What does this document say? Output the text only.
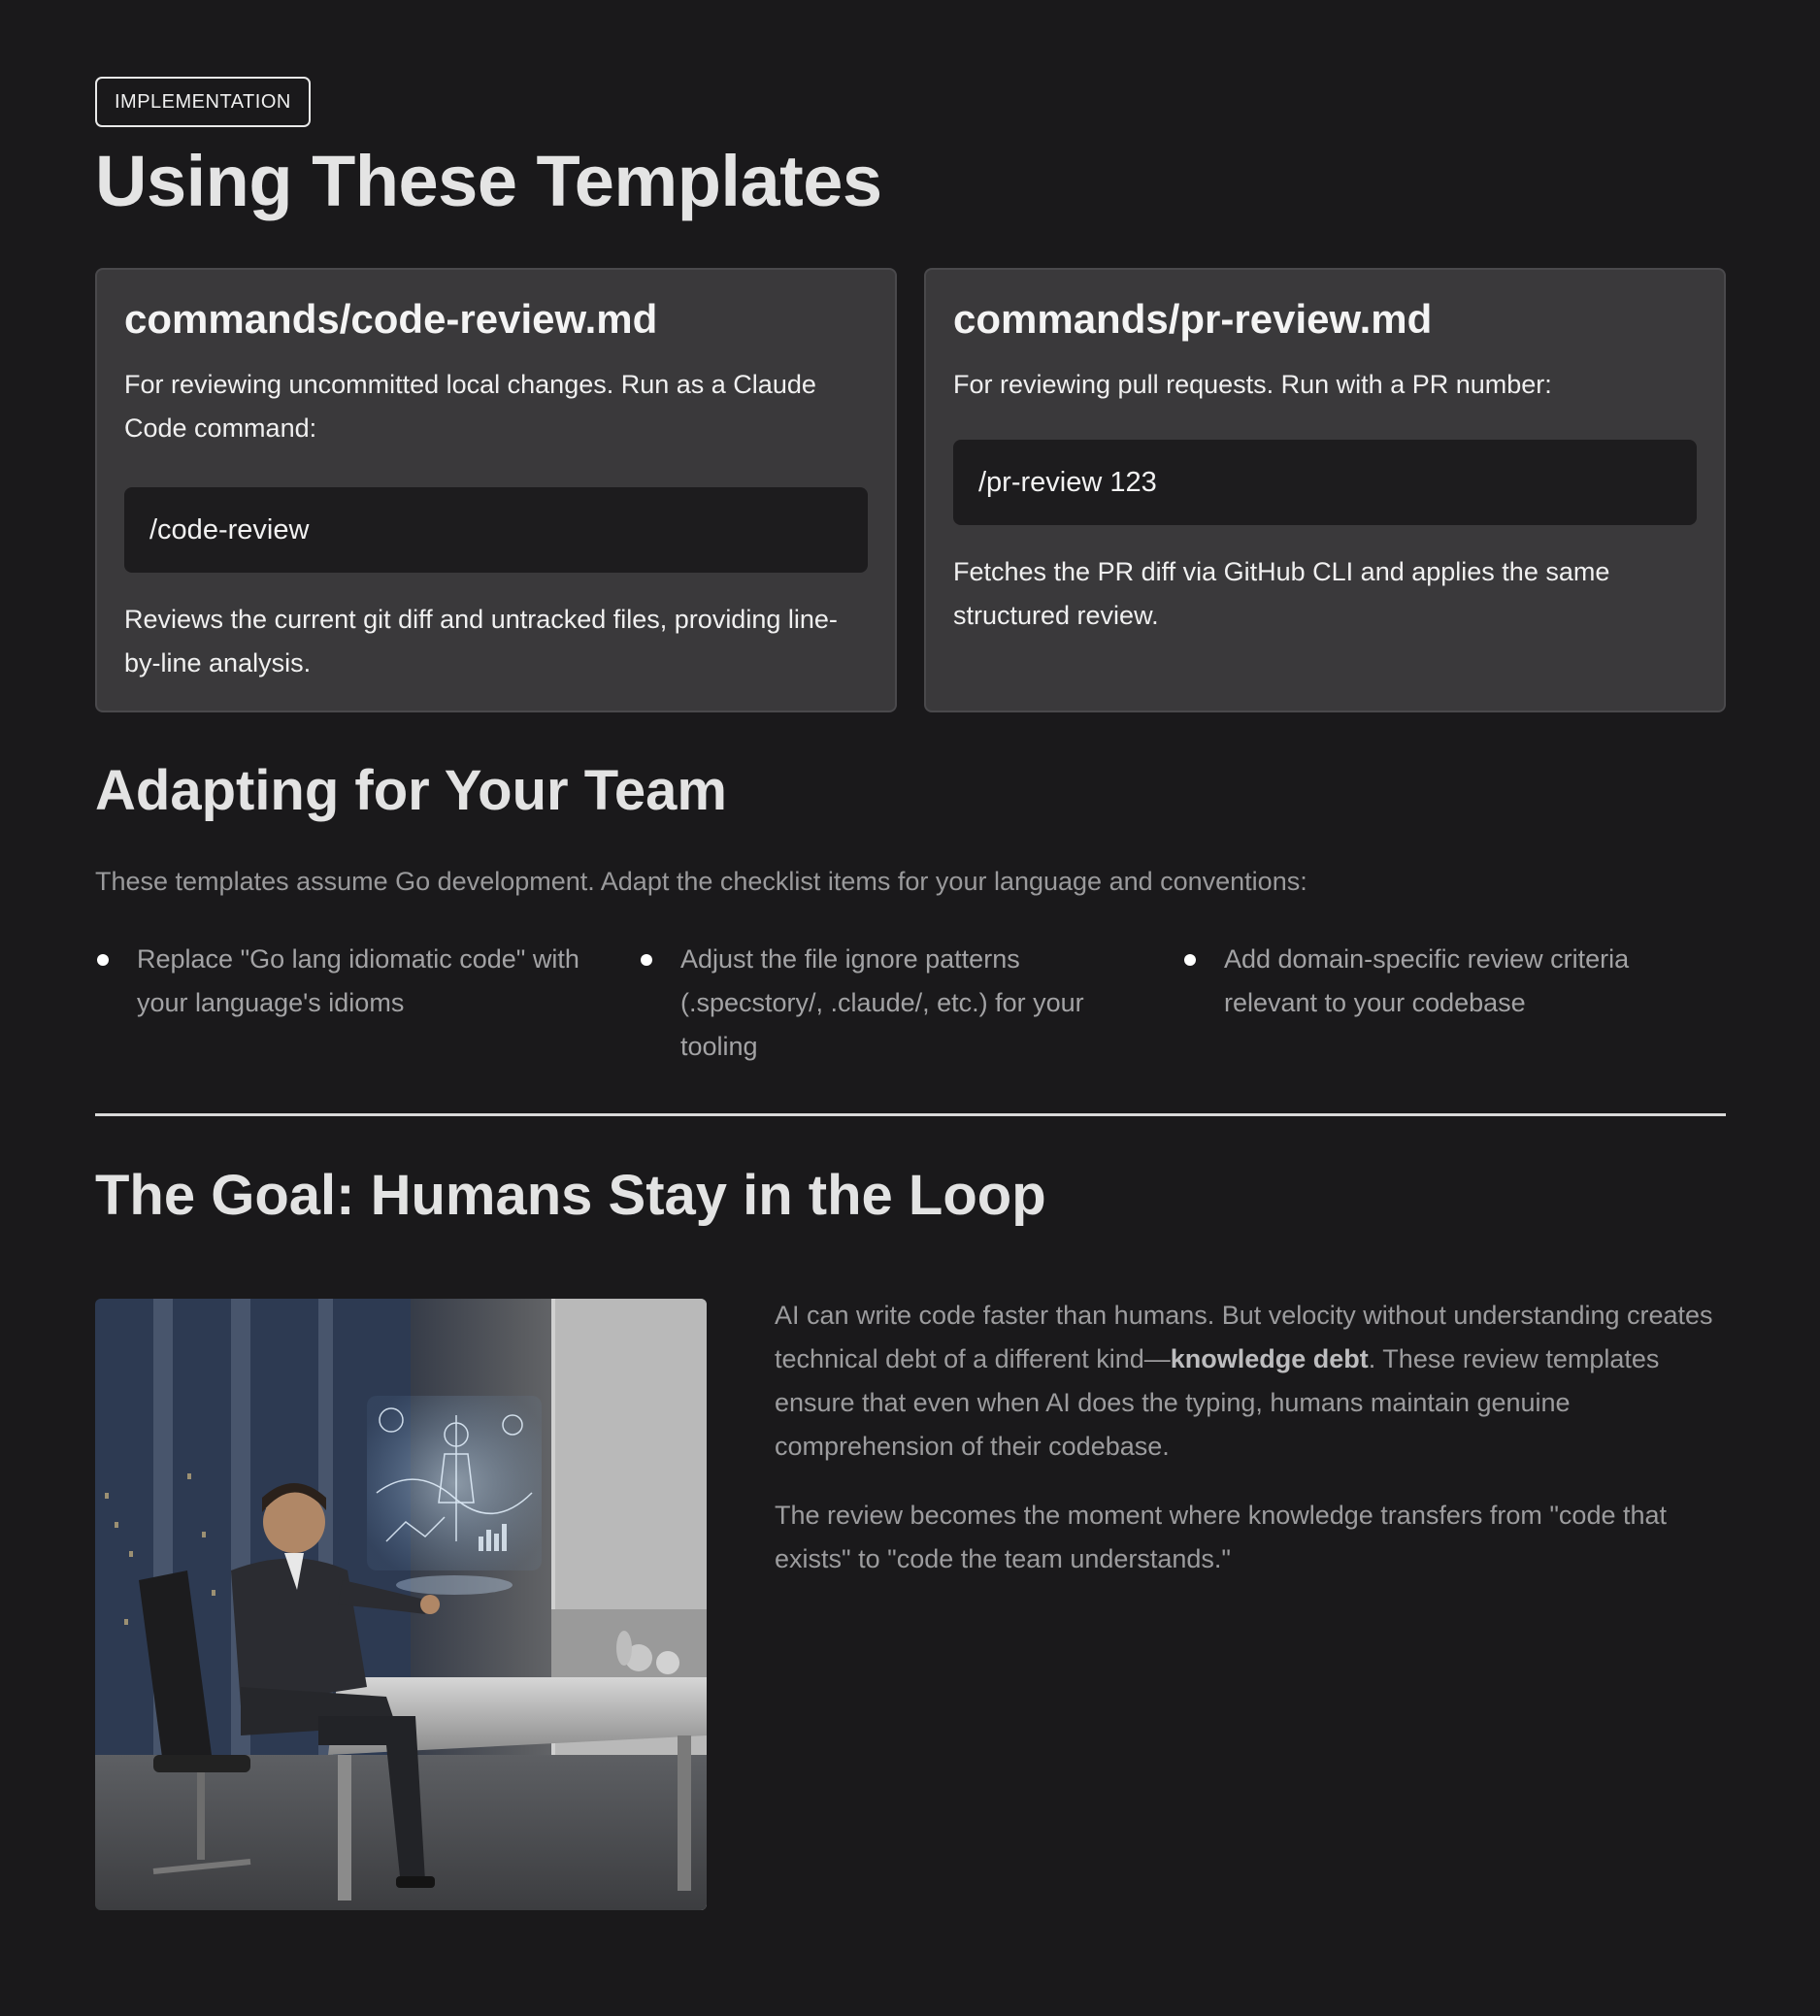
IMPLEMENTATION
Using These Templates
commands/code-review.md

For reviewing uncommitted local changes. Run as a Claude Code command:

/code-review

Reviews the current git diff and untracked files, providing line-by-line analysis.

commands/pr-review.md

For reviewing pull requests. Run with a PR number:

/pr-review 123

Fetches the PR diff via GitHub CLI and applies the same structured review.

Adapting for Your Team

These templates assume Go development. Adapt the checklist items for your language and conventions:

Replace "Go lang idiomatic code" with your language's idioms
Adjust the file ignore patterns (.specstory/, .claude/, etc.) for your tooling
Add domain-specific review criteria relevant to your codebase
The Goal: Humans Stay in the Loop

AI can write code faster than humans. But velocity without understanding creates technical debt of a different kind—knowledge debt. These review templates ensure that even when AI does the typing, humans maintain genuine comprehension of their codebase.

The review becomes the moment where knowledge transfers from "code that exists" to "code the team understands."
